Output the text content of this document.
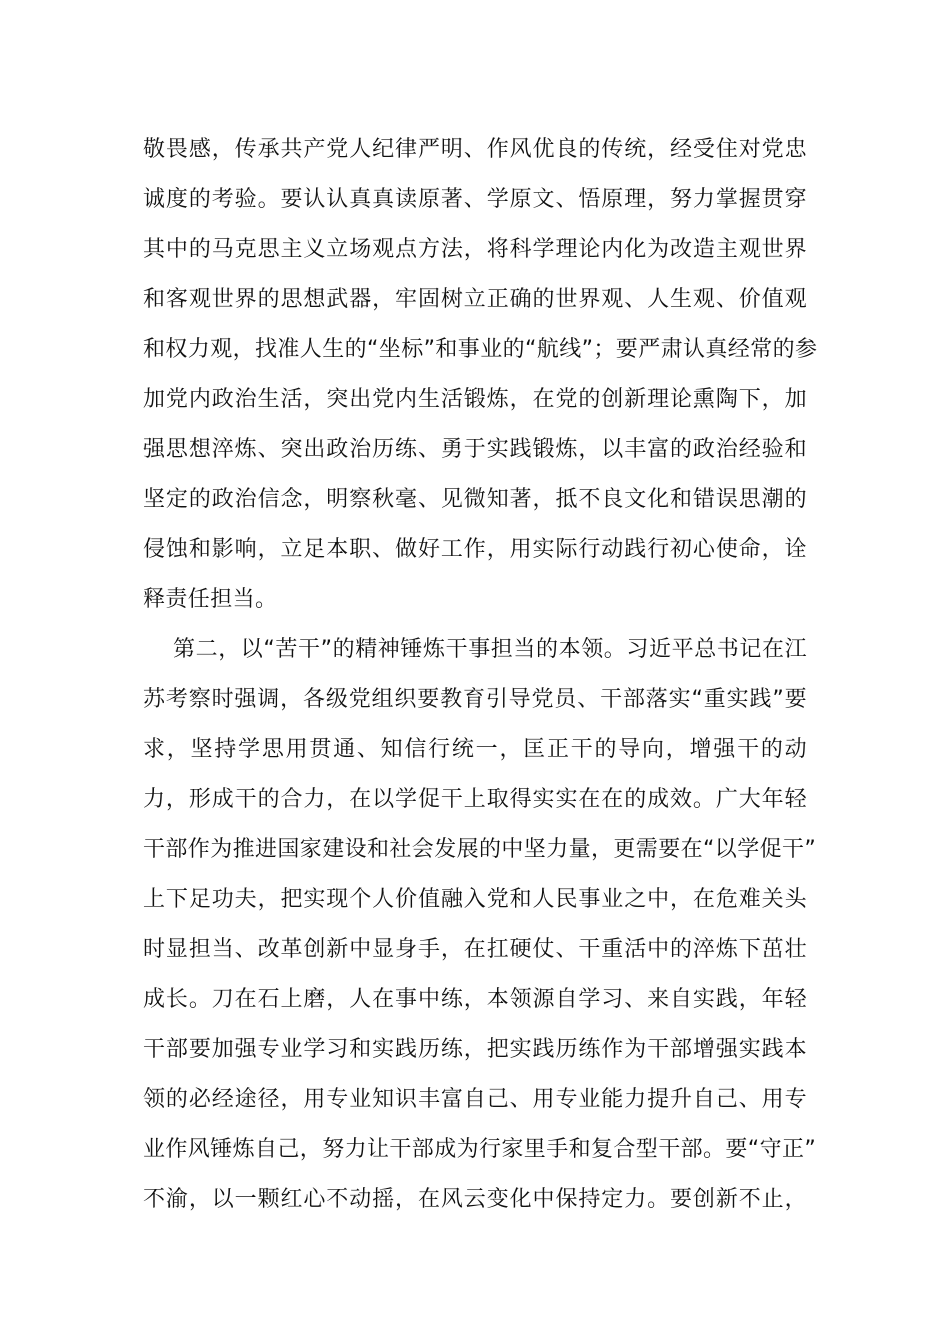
敬畏感，传承共产党人纪律严明、作风优良的传统，经受住对党忠
诚度的考验。要认认真真读原著、学原文、悟原理，努力掌握贯穿
其中的马克思主义立场观点方法，将科学理论内化为改造主观世界
和客观世界的思想武器，牢固树立正确的世界观、人生观、价值观
和权力观，找准人生的“坐标”和事业的“航线”；要严肃认真经常的参
加党内政治生活，突出党内生活锻炼，在党的创新理论熏陶下，加
强思想淬炼、突出政治历练、勇于实践锻炼，以丰富的政治经验和
坚定的政治信念，明察秋毫、见微知著，抵不良文化和错误思潮的
侵蚀和影响，立足本职、做好工作，用实际行动践行初心使命，诠
释责任担当。
第二，以“苦干”的精神锤炼干事担当的本领。习近平总书记在江
苏考察时强调，各级党组织要教育引导党员、干部落实“重实践”要
求，坚持学思用贯通、知信行统一，匡正干的导向，增强干的动
力，形成干的合力，在以学促干上取得实实在在的成效。广大年轻
干部作为推进国家建设和社会发展的中坚力量，更需要在“以学促干”
上下足功夫，把实现个人价值融入党和人民事业之中，在危难关头
时显担当、改革创新中显身手，在扛硬仗、干重活中的淬炼下茁壮
成长。刀在石上磨，人在事中练，本领源自学习、来自实践，年轻
干部要加强专业学习和实践历练，把实践历练作为干部增强实践本
领的必经途径，用专业知识丰富自己、用专业能力提升自己、用专
业作风锤炼自己，努力让干部成为行家里手和复合型干部。要“守正”
不渝，以一颗红心不动摇，在风云变化中保持定力。要创新不止，
